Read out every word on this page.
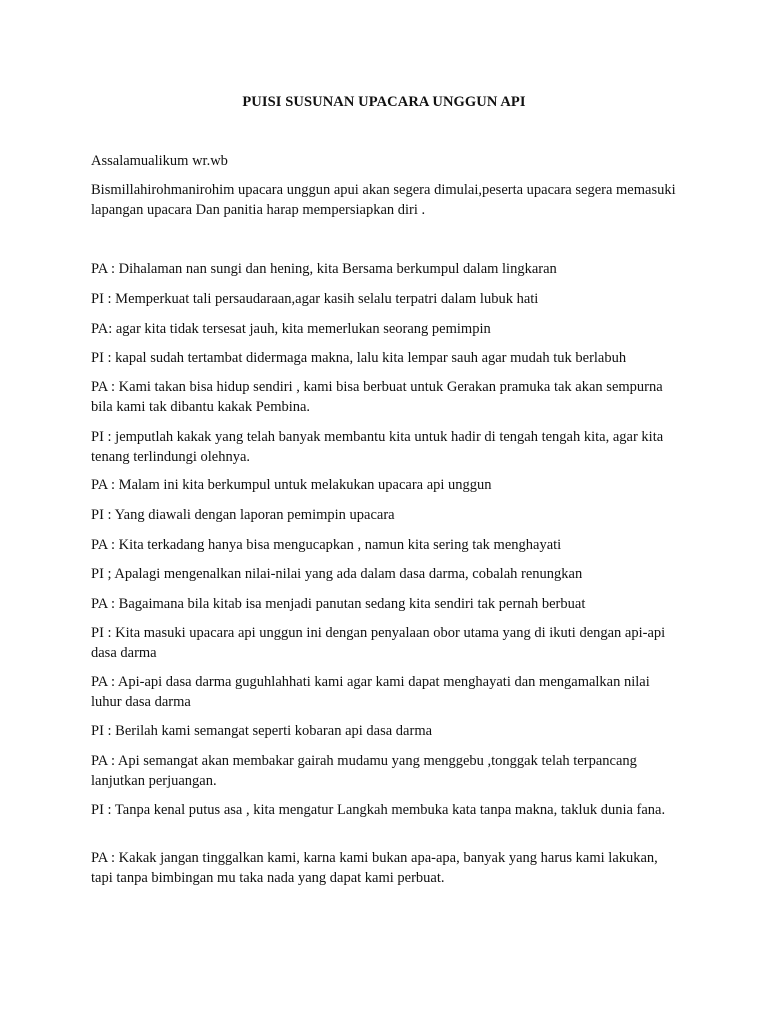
PUISI SUSUNAN UPACARA UNGGUN API

Assalamualikum wr.wb

Bismillahirohmanirohim upacara unggun apui akan segera dimulai,peserta upacara segera memasuki lapangan upacara Dan panitia harap mempersiapkan diri .

PA : Dihalaman nan sungi dan hening, kita Bersama berkumpul dalam lingkaran

PI : Memperkuat tali persaudaraan,agar kasih selalu terpatri dalam lubuk hati

PA: agar kita tidak tersesat jauh, kita memerlukan seorang pemimpin

PI : kapal sudah tertambat didermaga makna, lalu kita lempar sauh agar mudah tuk berlabuh

PA : Kami takan bisa hidup sendiri , kami bisa berbuat untuk Gerakan pramuka tak akan sempurna bila kami tak dibantu kakak Pembina.

PI : jemputlah kakak yang telah banyak membantu kita untuk hadir di tengah tengah kita, agar kita tenang terlindungi olehnya.

PA : Malam ini kita berkumpul untuk melakukan upacara api unggun

PI : Yang diawali dengan laporan pemimpin upacara

PA : Kita terkadang hanya bisa mengucapkan , namun kita sering tak menghayati

PI ; Apalagi mengenalkan nilai-nilai yang ada dalam dasa darma, cobalah renungkan

PA : Bagaimana bila kitab isa menjadi panutan sedang kita sendiri tak pernah berbuat

PI : Kita masuki upacara api unggun ini dengan penyalaan obor utama yang di ikuti dengan api-api dasa darma

PA : Api-api dasa darma guguhlahhati kami agar kami dapat menghayati dan mengamalkan nilai luhur dasa darma

PI : Berilah kami semangat seperti kobaran api dasa darma

PA : Api semangat akan membakar gairah mudamu yang menggebu ,tonggak telah terpancang lanjutkan perjuangan.

PI : Tanpa kenal putus asa , kita mengatur Langkah membuka kata tanpa makna, takluk dunia fana.

PA : Kakak jangan tinggalkan kami, karna kami bukan apa-apa, banyak yang harus kami lakukan, tapi tanpa bimbingan mu taka nada yang dapat kami perbuat.
